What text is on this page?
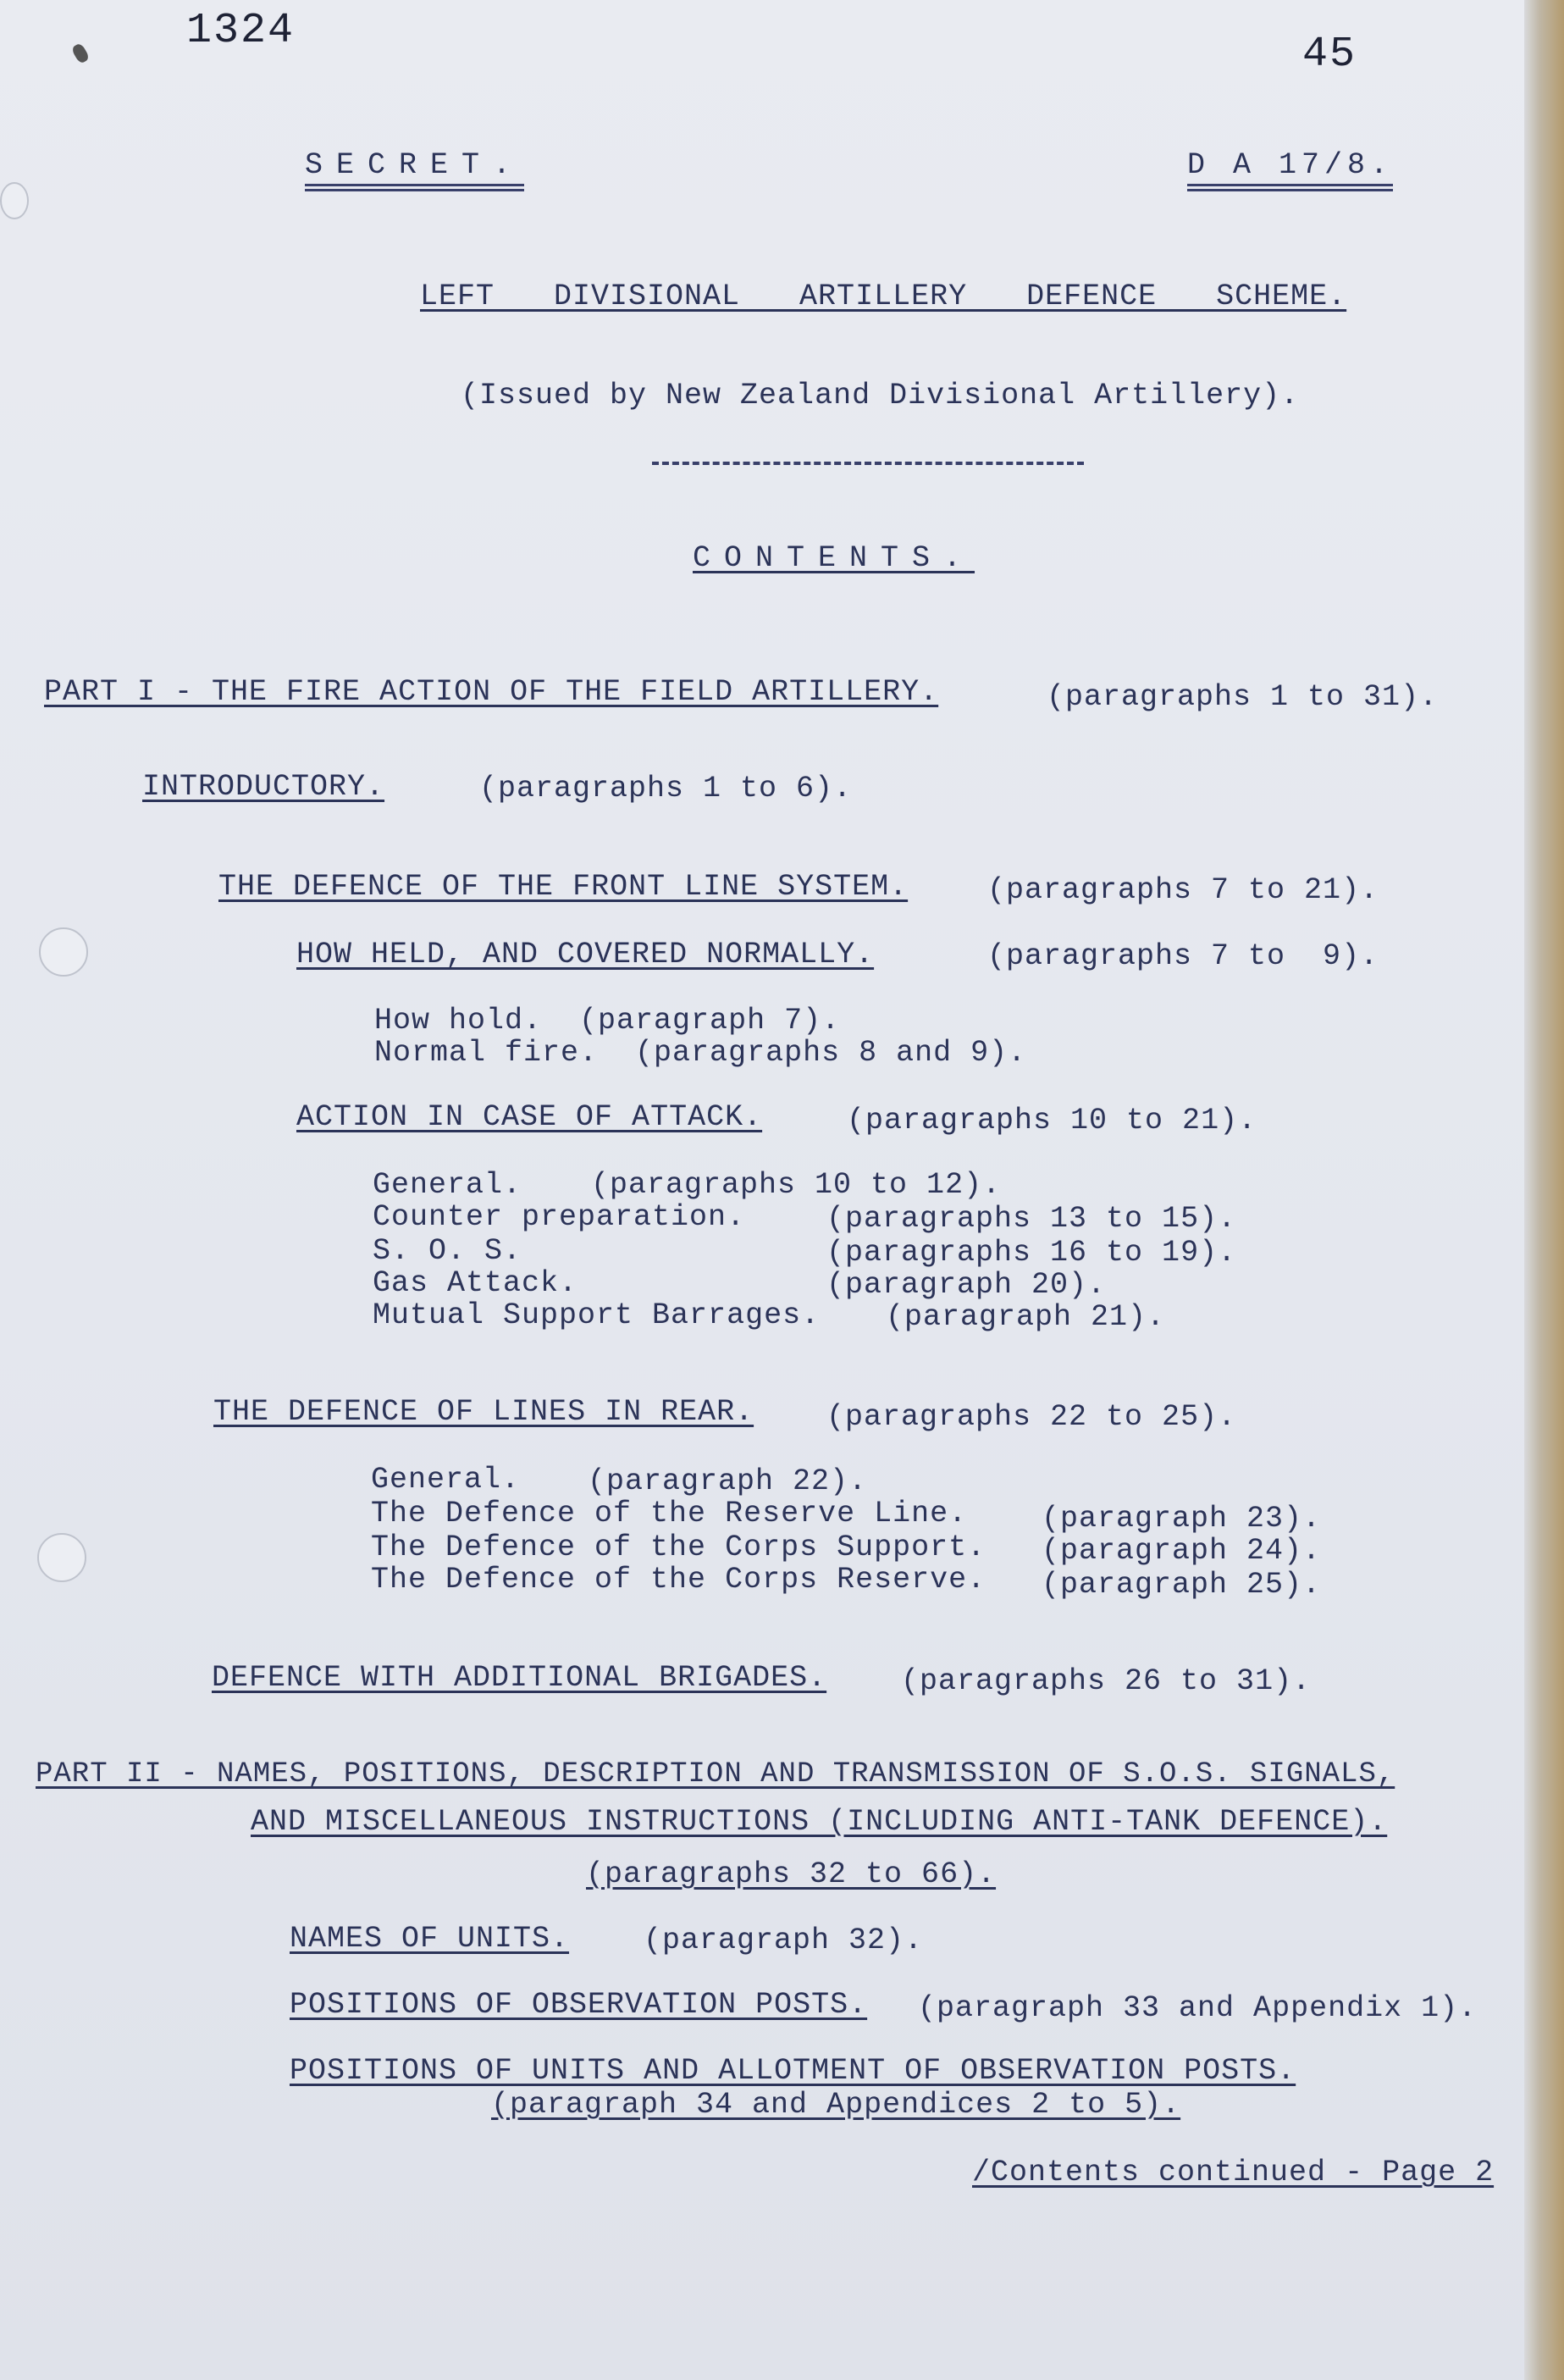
1324	45
SECRET.	D A 17/8.
LEFT DIVISIONAL ARTILLERY DEFENCE SCHEME.
(Issued by New Zealand Divisional Artillery).
CONTENTS.
PART I - THE FIRE ACTION OF THE FIELD ARTILLERY.	(paragraphs 1 to 31).
INTRODUCTORY.	(paragraphs 1 to 6).
THE DEFENCE OF THE FRONT LINE SYSTEM.	(paragraphs 7 to 21).
HOW HELD, AND COVERED NORMALLY.	(paragraphs 7 to  9).
How hold.  (paragraph 7).
Normal fire.  (paragraphs 8 and 9).
ACTION IN CASE OF ATTACK.	(paragraphs 10 to 21).
General. (paragraphs 10 to 12).
Counter preparation.	(paragraphs 13 to 15).
S. O. S.	(paragraphs 16 to 19).
Gas Attack.	(paragraph 20).
Mutual Support Barrages. (paragraph 21).
THE DEFENCE OF LINES IN REAR. (paragraphs 22 to 25).
General. (paragraph 22).
The Defence of the Reserve Line.	(paragraph 23).
The Defence of the Corps Support. (paragraph 24).
The Defence of the Corps Reserve. (paragraph 25).
DEFENCE WITH ADDITIONAL BRIGADES.	(paragraphs 26 to 31).
PART II - NAMES, POSITIONS, DESCRIPTION AND TRANSMISSION OF S.O.S. SIGNALS,
AND MISCELLANEOUS INSTRUCTIONS (INCLUDING ANTI-TANK DEFENCE).
(paragraphs 32 to 66).
NAMES OF UNITS.	(paragraph 32).
POSITIONS OF OBSERVATION POSTS. (paragraph 33 and Appendix 1).
POSITIONS OF UNITS AND ALLOTMENT OF OBSERVATION POSTS.
(paragraph 34 and Appendices 2 to 5).
/Contents continued - Page 2
